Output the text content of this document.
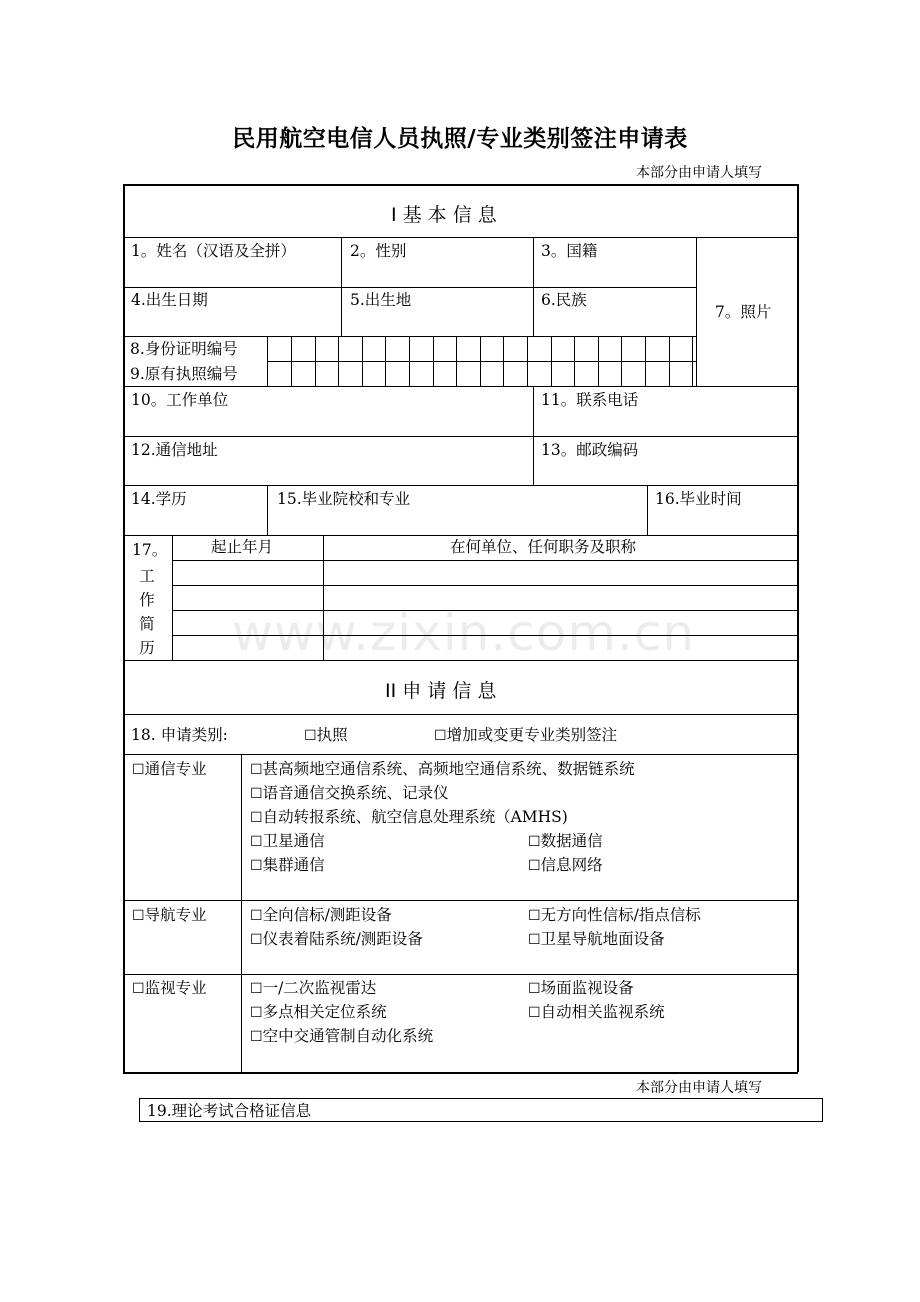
民用航空电信人员执照/专业类别签注申请表
本部分由申请人填写
I 基 本 信 息
1。姓名（汉语及全拼）	2。性别	3。国籍
7。照片
4.出生日期	5.出生地	6.民族
8.身份证明编号
9.原有执照编号
10。工作单位	11。联系电话
12.通信地址	13。邮政编码
14.学历	15.毕业院校和专业	16.毕业时间
17。
工
作
简
历
起止年月	在何单位、任何职务及职称
www.zixin.com.cn
II 申 请 信 息
18. 申请类别:	☐执照	☐增加或变更专业类别签注
☐通信专业	☐甚高频地空通信系统、高频地空通信系统、数据链系统
☐语音通信交换系统、记录仪
☐自动转报系统、航空信息处理系统（AMHS)
☐卫星通信	☐数据通信
☐集群通信	☐信息网络
☐导航专业	☐全向信标/测距设备	☐无方向性信标/指点信标
☐仪表着陆系统/测距设备	☐卫星导航地面设备
☐监视专业	☐一/二次监视雷达	☐场面监视设备
☐多点相关定位系统	☐自动相关监视系统
☐空中交通管制自动化系统
本部分由申请人填写
19.理论考试合格证信息
